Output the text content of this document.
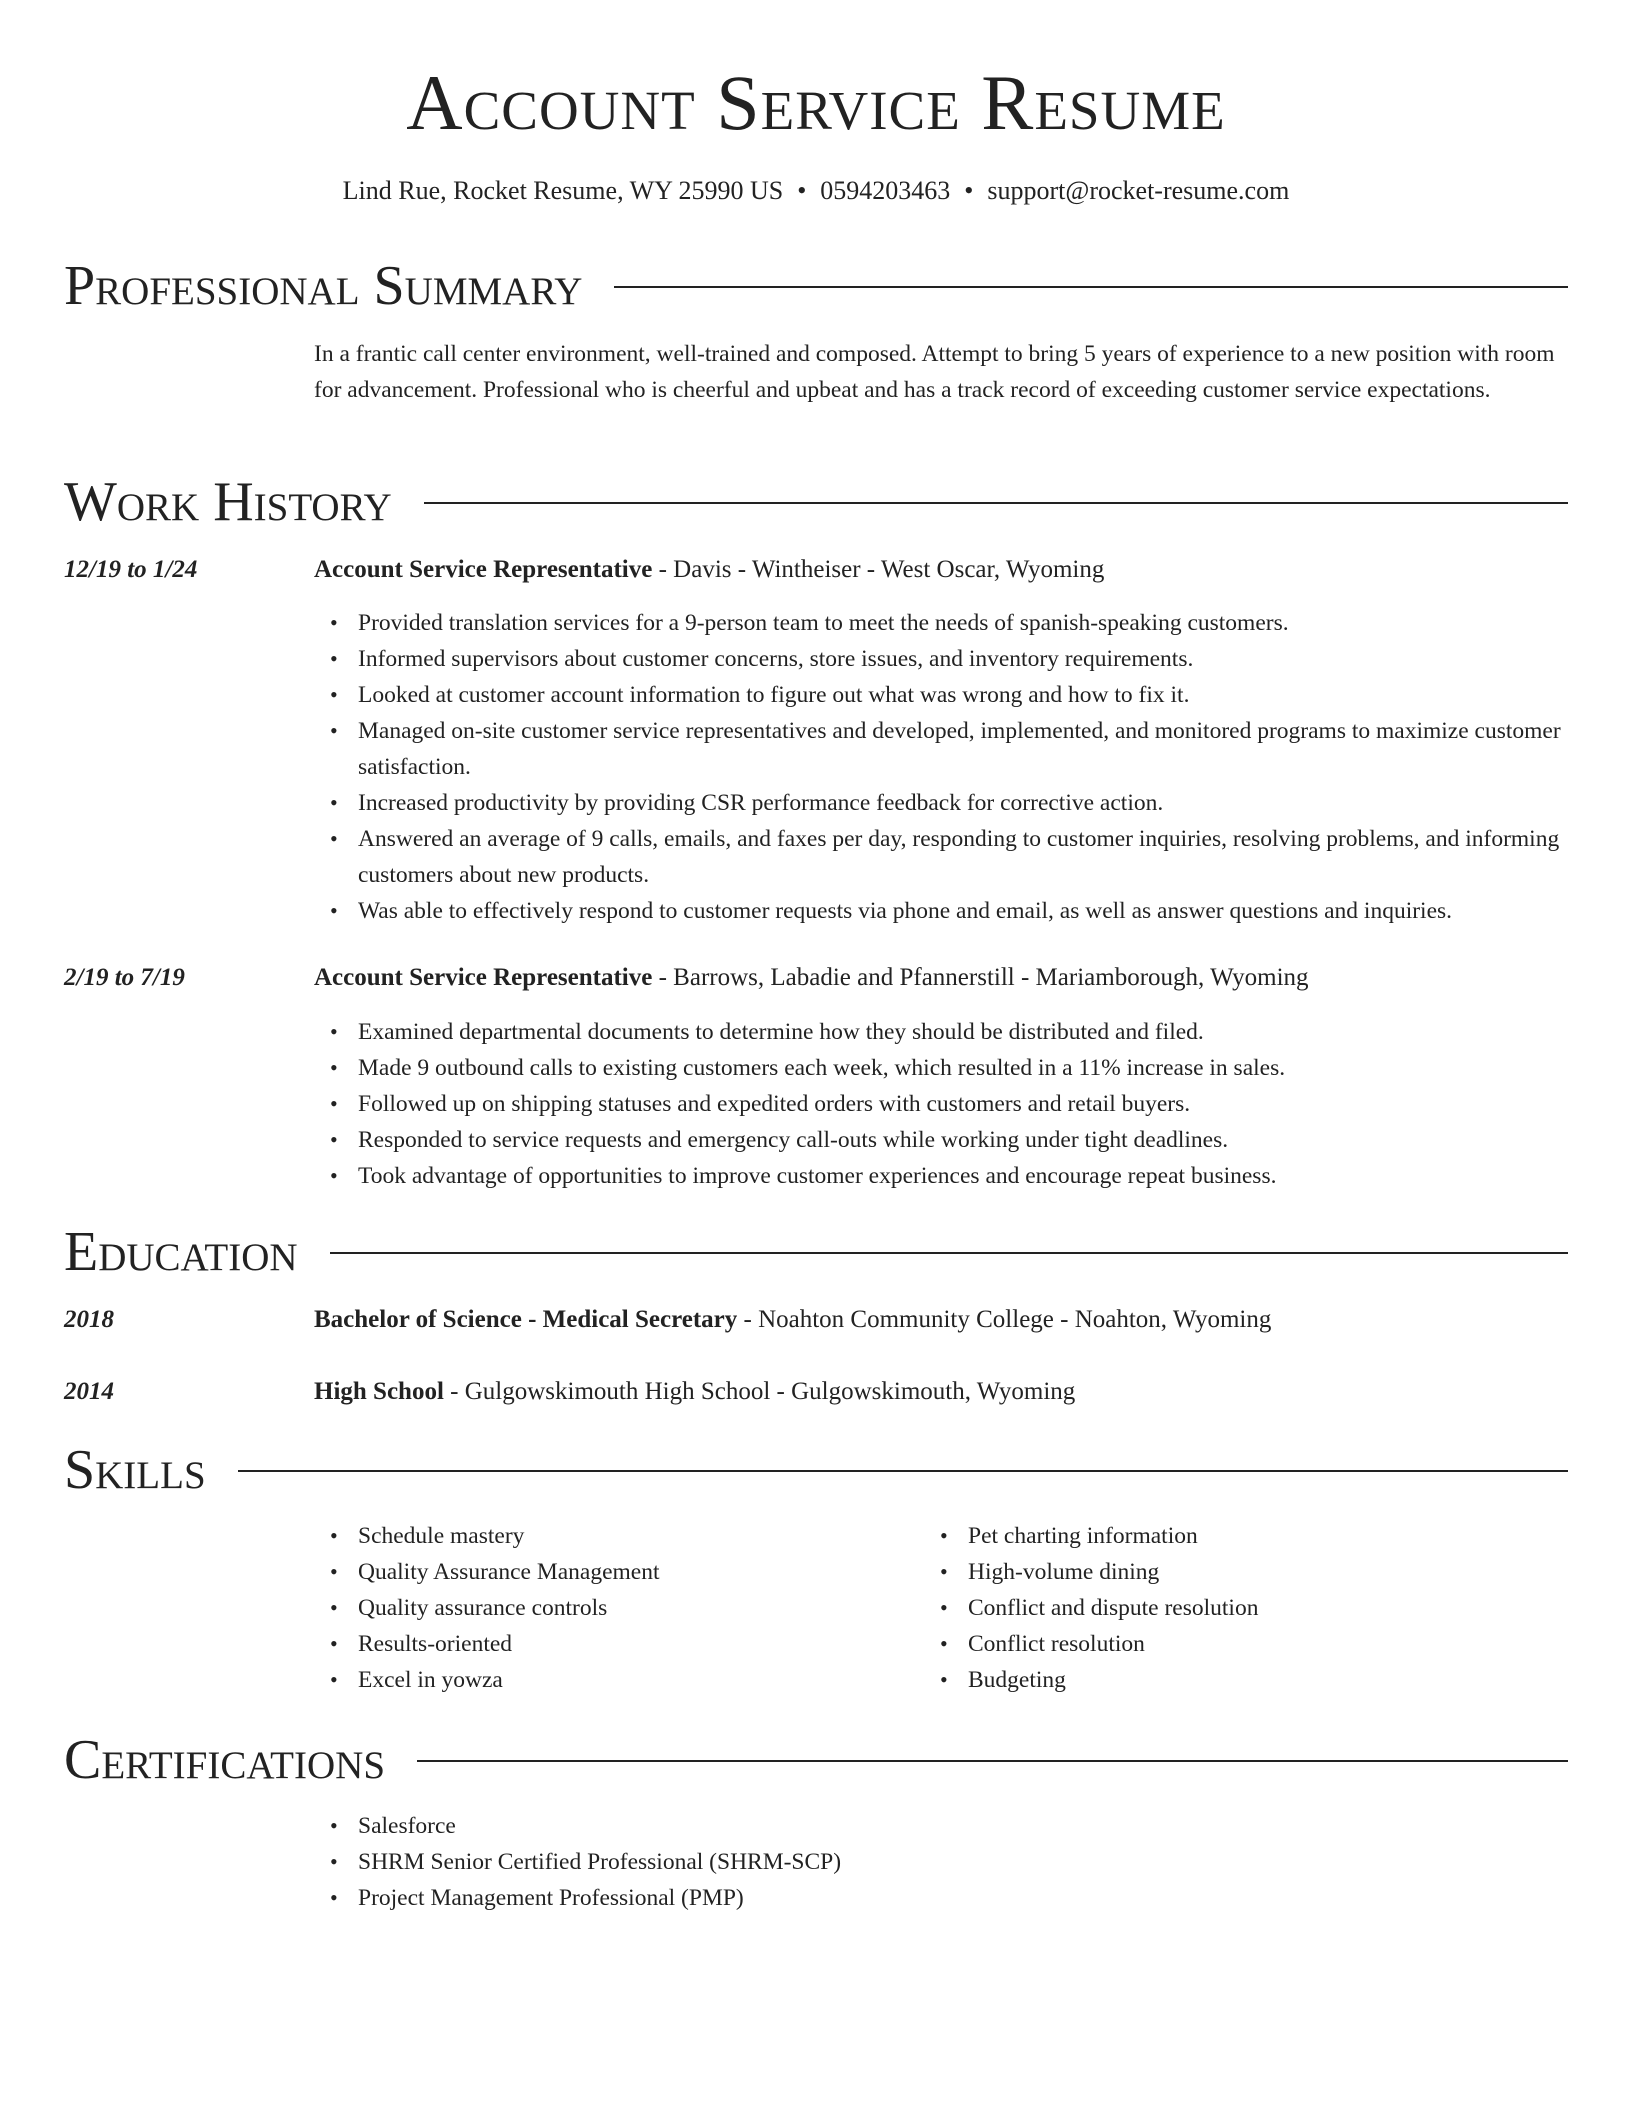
Account Service Resume
Lind Rue, Rocket Resume, WY 25990 US • 0594203463 • support@rocket-resume.com
Professional Summary

In a frantic call center environment, well-trained and composed. Attempt to bring 5 years of experience to a new position with room for advancement. Professional who is cheerful and upbeat and has a track record of exceeding customer service expectations.

Work History
12/19 to 1/24	Account Service Representative - Davis - Wintheiser - West Oscar, Wyoming
• Provided translation services for a 9-person team to meet the needs of spanish-speaking customers.
• Informed supervisors about customer concerns, store issues, and inventory requirements.
• Looked at customer account information to figure out what was wrong and how to fix it.
• Managed on-site customer service representatives and developed, implemented, and monitored programs to maximize customer satisfaction.
• Increased productivity by providing CSR performance feedback for corrective action.
• Answered an average of 9 calls, emails, and faxes per day, responding to customer inquiries, resolving problems, and informing customers about new products.
• Was able to effectively respond to customer requests via phone and email, as well as answer questions and inquiries.
2/19 to 7/19	Account Service Representative - Barrows, Labadie and Pfannerstill - Mariamborough, Wyoming
• Examined departmental documents to determine how they should be distributed and filed.
• Made 9 outbound calls to existing customers each week, which resulted in a 11% increase in sales.
• Followed up on shipping statuses and expedited orders with customers and retail buyers.
• Responded to service requests and emergency call-outs while working under tight deadlines.
• Took advantage of opportunities to improve customer experiences and encourage repeat business.
Education
2018	Bachelor of Science - Medical Secretary - Noahton Community College - Noahton, Wyoming
2014	High School - Gulgowskimouth High School - Gulgowskimouth, Wyoming
Skills
• Schedule mastery
• Quality Assurance Management
• Quality assurance controls
• Results-oriented
• Excel in yowza
• Pet charting information
• High-volume dining
• Conflict and dispute resolution
• Conflict resolution
• Budgeting
Certifications
• Salesforce
• SHRM Senior Certified Professional (SHRM-SCP)
• Project Management Professional (PMP)
